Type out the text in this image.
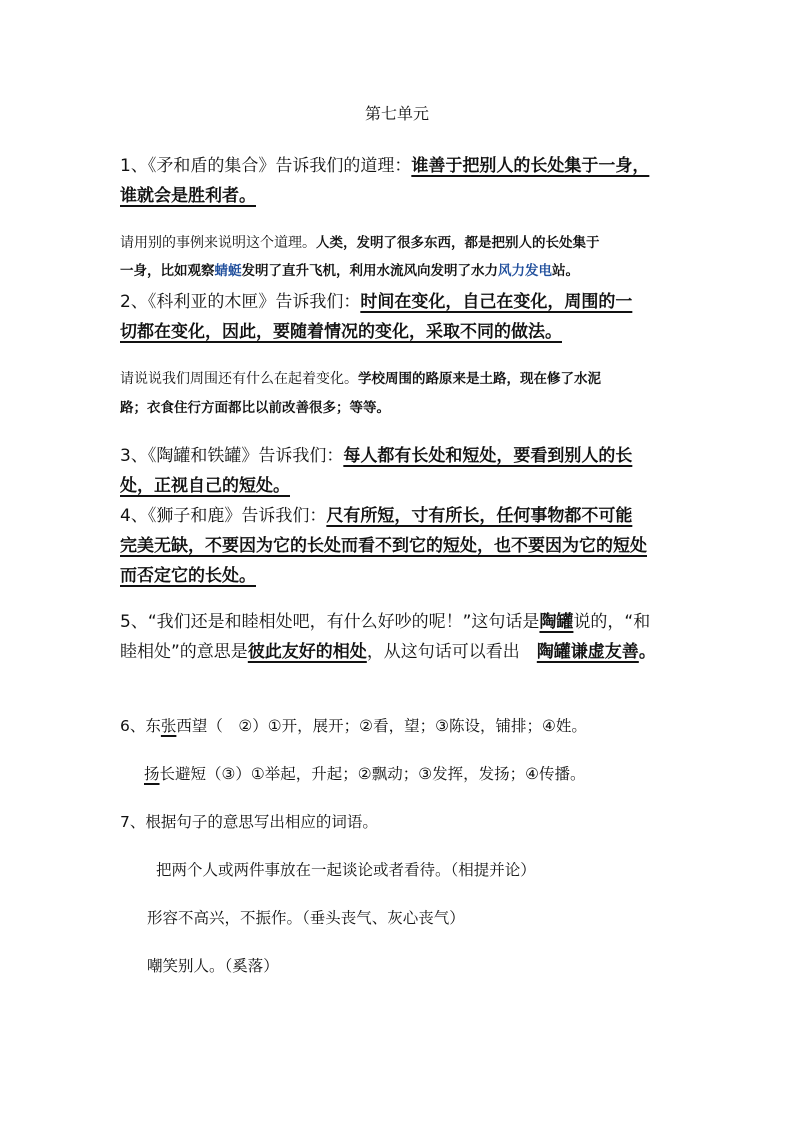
第七单元
1、《矛和盾的集合》告诉我们的道理：谁善于把别人的长处集于一身，
谁就会是胜利者。
请用别的事例来说明这个道理。人类，发明了很多东西，都是把别人的长处集于
一身，比如观察蜻蜓发明了直升飞机，利用水流风向发明了水力风力发电站。
2、《科利亚的木匣》告诉我们：时间在变化，自己在变化，周围的一
切都在变化，因此，要随着情况的变化，采取不同的做法。
请说说我们周围还有什么在起着变化。学校周围的路原来是土路，现在修了水泥
路；衣食住行方面都比以前改善很多；等等。
3、《陶罐和铁罐》告诉我们：每人都有长处和短处，要看到别人的长
处，正视自己的短处。
4、《狮子和鹿》告诉我们：尺有所短，寸有所长，任何事物都不可能
完美无缺，不要因为它的长处而看不到它的短处，也不要因为它的短处
而否定它的长处。
5、“我们还是和睦相处吧，有什么好吵的呢！”这句话是陶罐说的，“和
睦相处”的意思是彼此友好的相处，从这句话可以看出　陶罐谦虚友善。
6、东张西望（　②）①开，展开；②看，望；③陈设，铺排；④姓。
扬长避短（③）①举起，升起；②飘动；③发挥，发扬；④传播。
7、根据句子的意思写出相应的词语。
把两个人或两件事放在一起谈论或者看待。（相提并论）
形容不高兴，不振作。（垂头丧气、灰心丧气）
嘲笑别人。（奚落）
